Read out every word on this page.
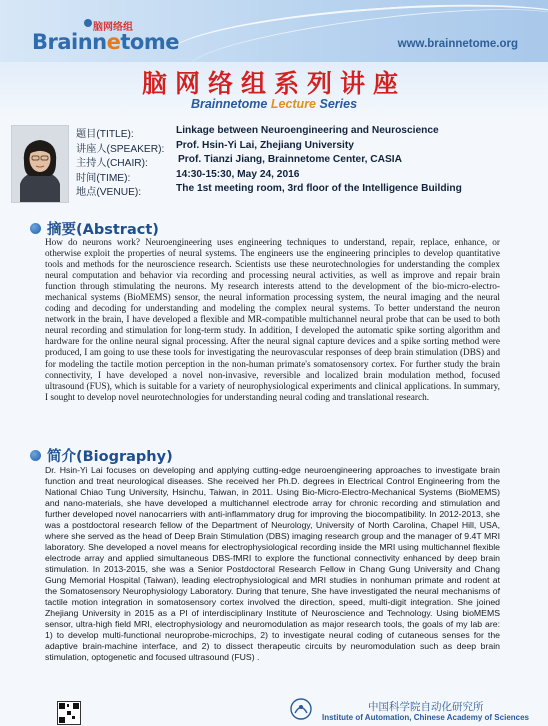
脑网络组
Brainnetome	www.brainnetome.org
脑网络组系列讲座
Brainnetome Lecture Series
题目(TITLE):	Linkage between Neuroengineering and Neuroscience
讲座人(SPEAKER): Prof. Hsin-Yi Lai, Zhejiang University
主持人(CHAIR):	Prof. Tianzi Jiang, Brainnetome Center, CASIA
时间(TIME):	14:30-15:30, May 24, 2016
地点(VENUE):	The 1st meeting room, 3rd floor of the Intelligence Building
摘要(Abstract)
How do neurons work? Neuroengineering uses engineering techniques to understand, repair, replace, enhance, or otherwise exploit the properties of neural systems. The engineers use the engineering principles to develop quantitative tools and methods for the neuroscience research. Scientists use these neurotechnologies for understanding the complex neural computation and behavior via recording and processing neural activities, as well as improve and repair brain function through stimulating the neurons. My research interests attend to the development of the bio-micro-electro-mechanical systems (BioMEMS) sensor, the neural information processing system, the neural imaging and the neural coding and decoding for understanding and modeling the complex neural systems. To better understand the neuron network in the brain, I have developed a flexible and MR-compatible multichannel neural probe that can be used to both neural recording and stimulation for long-term study. In addition, I developed the automatic spike sorting algorithm and hardware for the online neural signal processing. After the neural signal capture devices and a spike sorting method were produced, I am going to use these tools for investigating the neurovascular responses of deep brain stimulation (DBS) and for modeling the tactile motion perception in the non-human primate's somatosensory cortex. For further study the brain connectivity, I have developed a novel non-invasive, reversible and localized brain modulation method, focused ultrasound (FUS), which is suitable for a variety of neurophysiological experiments and clinical applications. In summary, I sought to develop novel neurotechnologies for understanding neural coding and translational research.
简介(Biography)
Dr. Hsin-Yi Lai focuses on developing and applying cutting-edge neuroengineering approaches to investigate brain function and treat neurological diseases. She received her Ph.D. degrees in Electrical Control Engineering from the National Chiao Tung University, Hsinchu, Taiwan, in 2011. Using Bio-Micro-Electro-Mechanical Systems (BioMEMS) and nano-materials, she have developed a multichannel electrode array for chronic recording and stimulation and further developed novel nanocarriers with anti-inflammatory drug for improving the biocompatibility. In 2012-2013, she was a postdoctoral research fellow of the Department of Neurology, University of North Carolina, Chapel Hill, USA, where she served as the head of Deep Brain Stimulation (DBS) imaging research group and the manager of 9.4T MRI laboratory. She developed a novel means for electrophysiological recording inside the MRI using multichannel flexible electrode array and applied simultaneous DBS-fMRI to explore the functional connectivity enhanced by deep brain stimulation. In 2013-2015, she was a Senior Postdoctoral Research Fellow in Chang Gung University and Chang Gung Memorial Hospital (Taiwan), leading electrophysiological and MRI studies in nonhuman primate and rodent at the Somatosensory Neurophysiology Laboratory. During that tenure, She have investigated the neural mechanisms of tactile motion integration in somatosensory cortex involved the direction, speed, multi-digit integration. She joined Zhejiang University in 2015 as a PI of interdisciplinary Institute of Neuroscience and Technology. Using bioMEMS sensor, ultra-high field MRI, electrophysiology and neuromodulation as major research tools, the goals of my lab are: 1) to develop multi-functional neuroprobe-microchips, 2) to investigate neural coding of cutaneous senses for the adaptive brain-machine interface, and 2) to dissect therapeutic circuits by neuromodulation such as deep brain stimulation, optogenetic and focused ultrasound (FUS) .
中国科学院自动化研究所
Institute of Automation, Chinese Academy of Sciences
